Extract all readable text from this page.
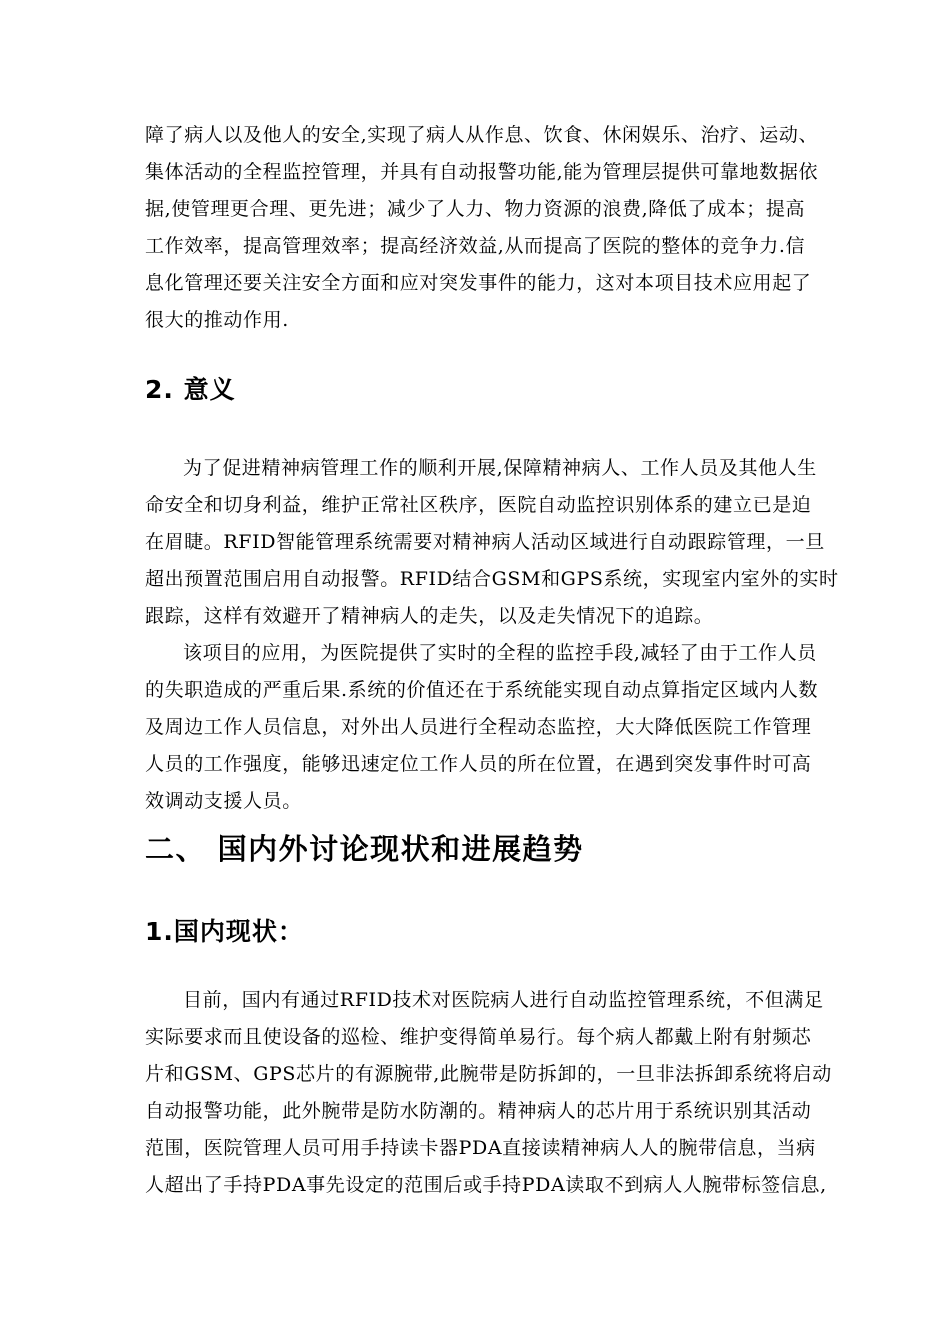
障了病人以及他人的安全,实现了病人从作息、饮食、休闲娱乐、治疗、运动、
集体活动的全程监控管理，并具有自动报警功能,能为管理层提供可靠地数据依
据,使管理更合理、更先进；减少了人力、物力资源的浪费,降低了成本；提高
工作效率，提高管理效率；提高经济效益,从而提高了医院的整体的竞争力.信
息化管理还要关注安全方面和应对突发事件的能力，这对本项目技术应用起了
很大的推动作用.
2. 意义
为了促进精神病管理工作的顺利开展,保障精神病人、工作人员及其他人生
命安全和切身利益，维护正常社区秩序，医院自动监控识别体系的建立已是迫
在眉睫。RFID智能管理系统需要对精神病人活动区域进行自动跟踪管理，一旦
超出预置范围启用自动报警。RFID结合GSM和GPS系统，实现室内室外的实时
跟踪，这样有效避开了精神病人的走失，以及走失情况下的追踪。
该项目的应用，为医院提供了实时的全程的监控手段,减轻了由于工作人员
的失职造成的严重后果.系统的价值还在于系统能实现自动点算指定区域内人数
及周边工作人员信息，对外出人员进行全程动态监控，大大降低医院工作管理
人员的工作强度，能够迅速定位工作人员的所在位置，在遇到突发事件时可高
效调动支援人员。
二、 国内外讨论现状和进展趋势
1.国内现状：
目前，国内有通过RFID技术对医院病人进行自动监控管理系统，不但满足
实际要求而且使设备的巡检、维护变得简单易行。每个病人都戴上附有射频芯
片和GSM、GPS芯片的有源腕带,此腕带是防拆卸的，一旦非法拆卸系统将启动
自动报警功能，此外腕带是防水防潮的。精神病人的芯片用于系统识别其活动
范围，医院管理人员可用手持读卡器PDA直接读精神病人人的腕带信息，当病
人超出了手持PDA事先设定的范围后或手持PDA读取不到病人人腕带标签信息,
